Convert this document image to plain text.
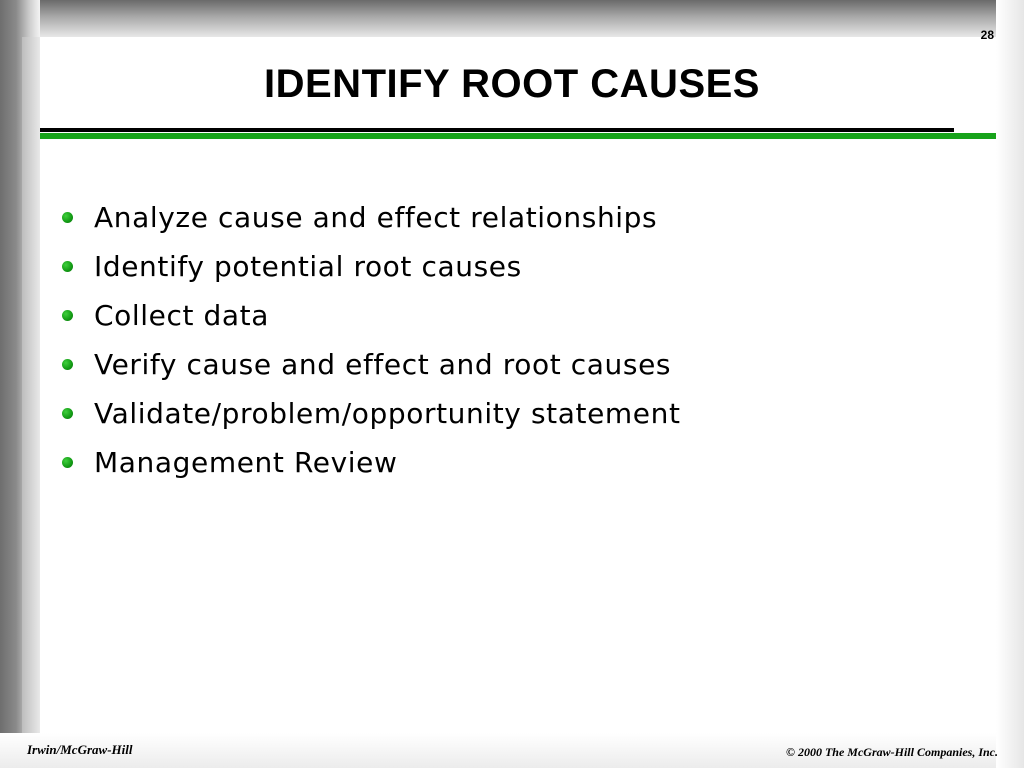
28
IDENTIFY ROOT CAUSES
Analyze cause and effect relationships
Identify potential root causes
Collect data
Verify cause and effect and root causes
Validate/problem/opportunity statement
Management Review
Irwin/McGraw-Hill	© 2000 The McGraw-Hill Companies, Inc.
